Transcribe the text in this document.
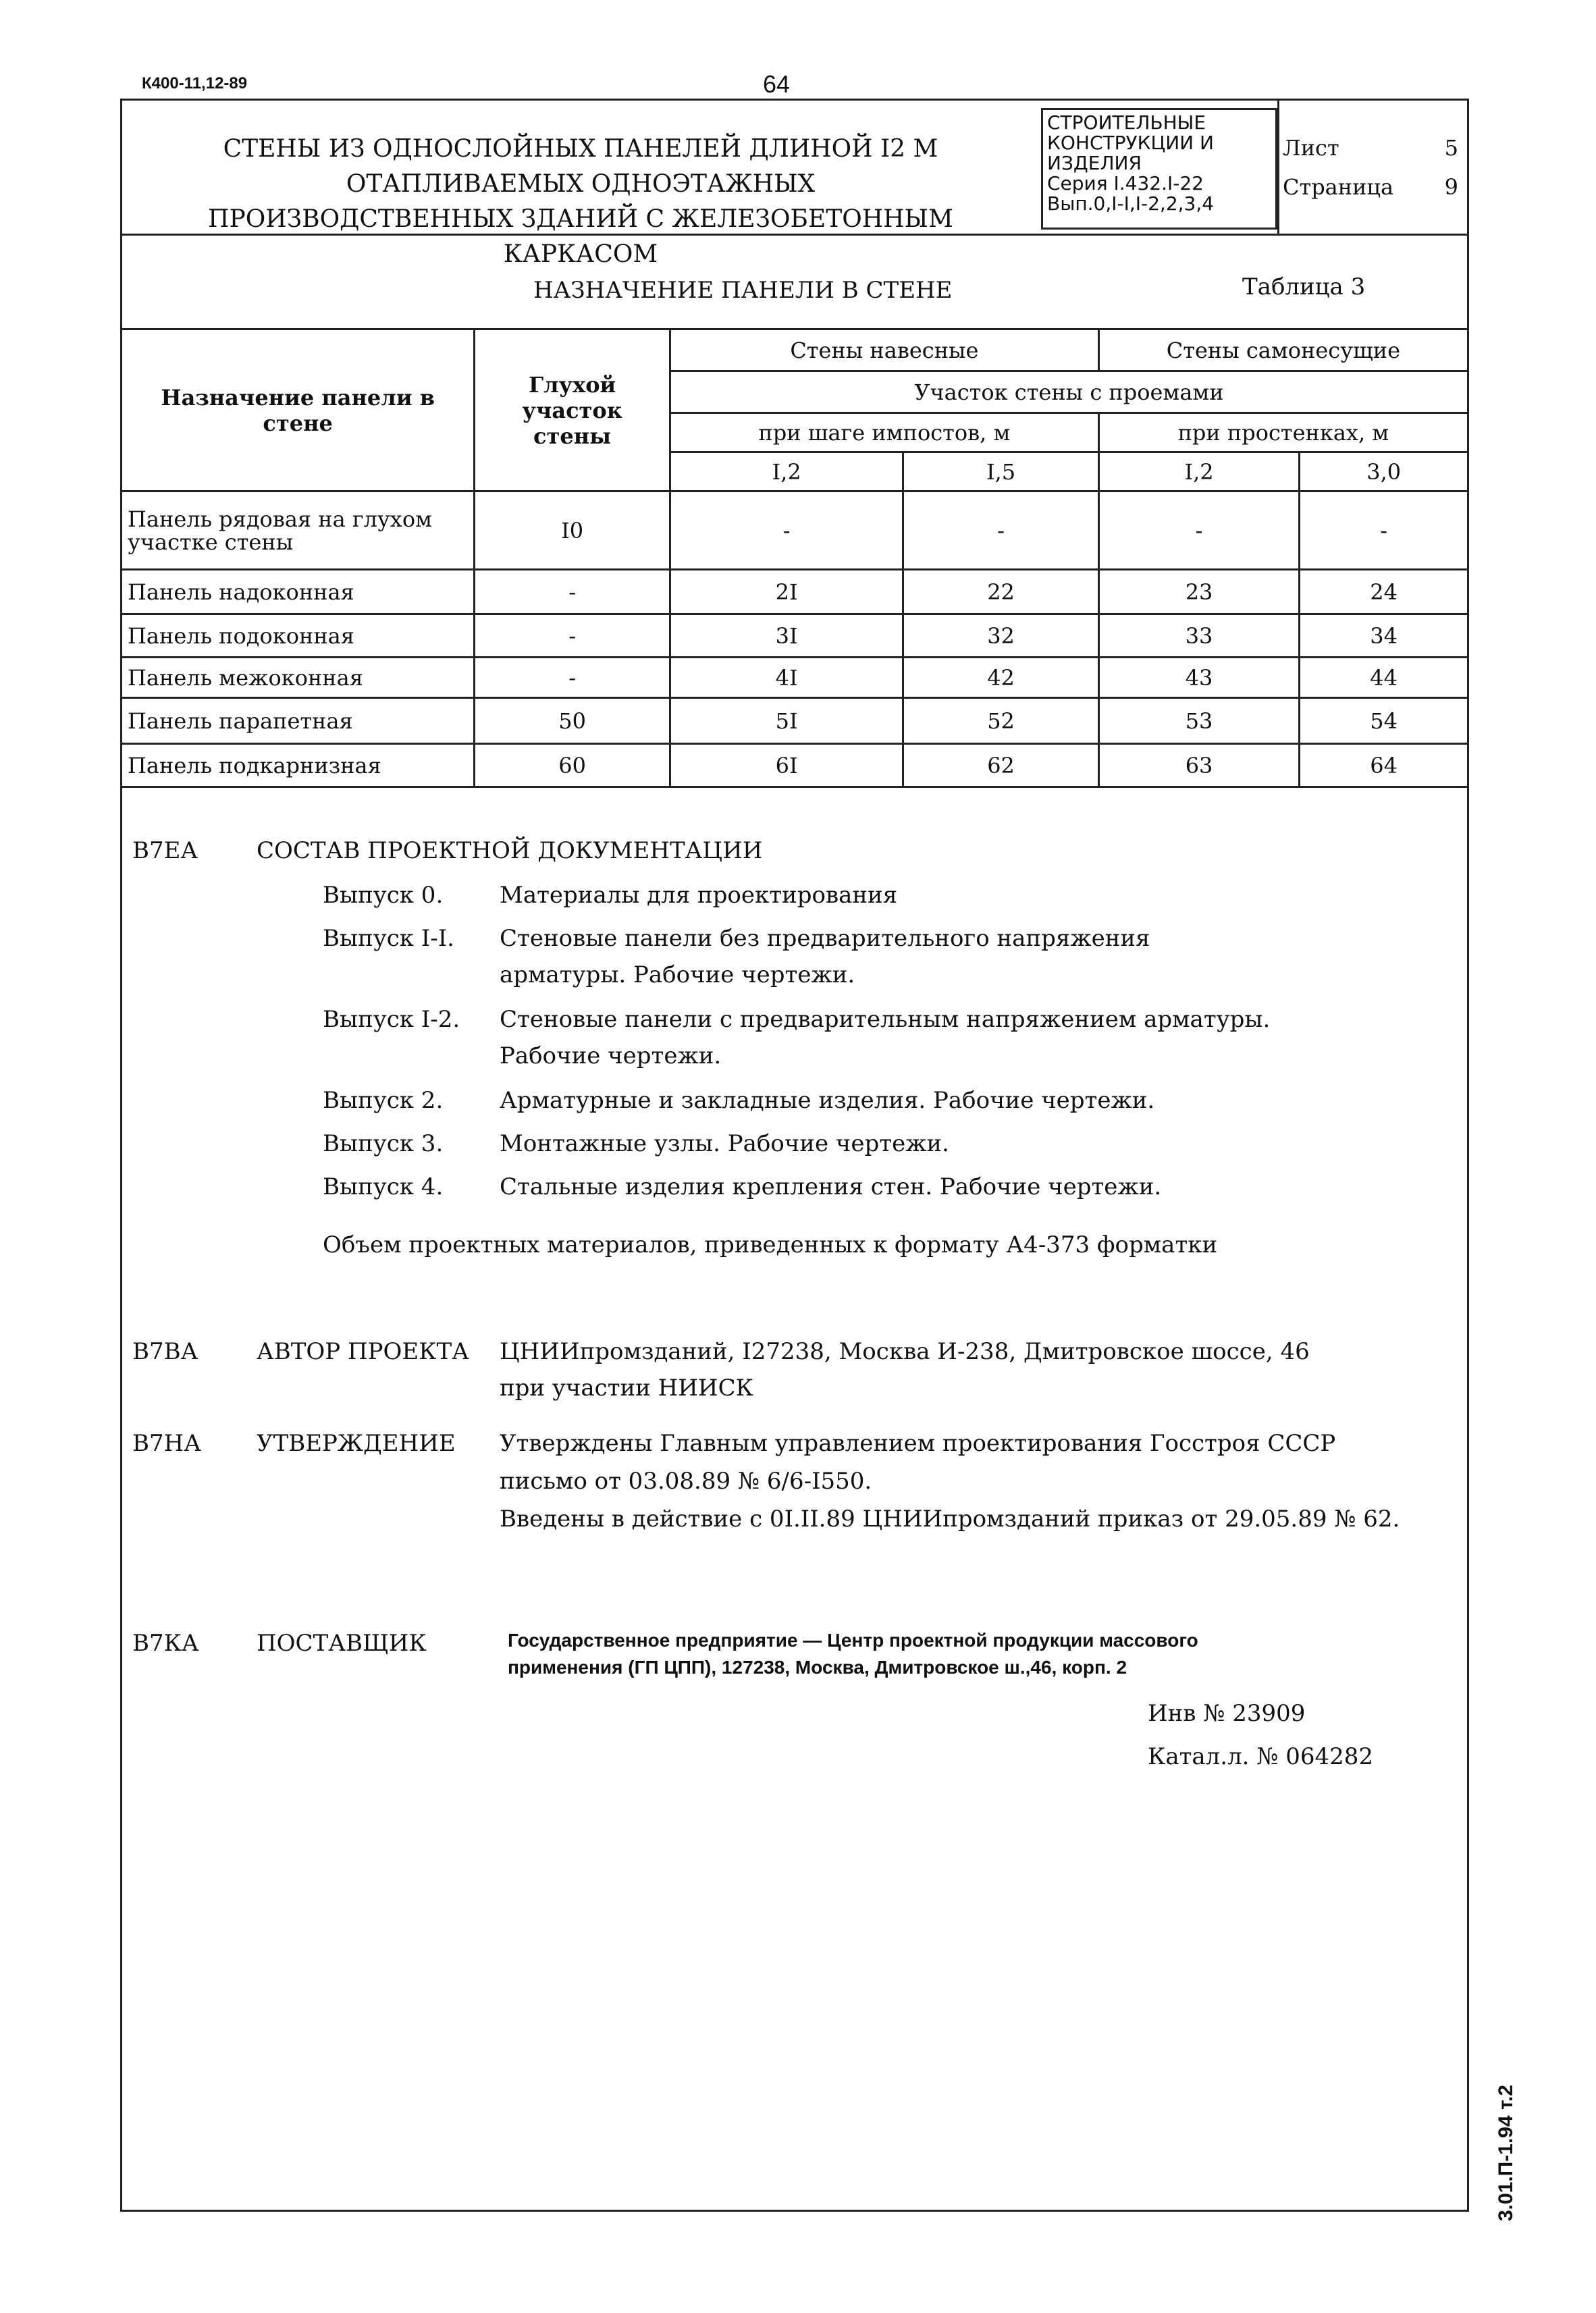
К400-11,12-89	64
СТЕНЫ ИЗ ОДНОСЛОЙНЫХ ПАНЕЛЕЙ ДЛИНОЙ I2 М ОТАПЛИВАЕМЫХ ОДНОЭТАЖНЫХ
ПРОИЗВОДСТВЕННЫХ ЗДАНИЙ С ЖЕЛЕЗОБЕТОННЫМ КАРКАСОМ
СТРОИТЕЛЬНЫЕ
КОНСТРУКЦИИ И
ИЗДЕЛИЯ
Серия I.432.I-22
Вып.0,I-I,I-2,2,3,4
Лист	5
Страница 9
НАЗНАЧЕНИЕ ПАНЕЛИ В СТЕНЕ	Таблица 3
Назначение панели в стене	Глухой участок стены	Стены навесные		Стены самонесущие	
		Участок стены с проемами			
		при шаге импостов, м		при простенках, м	
		I,2	I,5	I,2	3,0
Панель рядовая на глухом участке стены	I0	-	-	-	-
Панель надоконная	-	2I	22	23	24
Панель подоконная	-	3I	32	33	34
Панель межоконная	-	4I	42	43	44
Панель парапетная	50	5I	52	53	54
Панель подкарнизная	60	6I	62	63	64
В7ЕА	СОСТАВ ПРОЕКТНОЙ ДОКУМЕНТАЦИИ
Выпуск 0. Материалы для проектирования
Выпуск I-I. Стеновые панели без предварительного напряжения
арматуры. Рабочие чертежи.
Выпуск I-2. Стеновые панели с предварительным напряжением арматуры.
Рабочие чертежи.
Выпуск 2. Арматурные и закладные изделия. Рабочие чертежи.
Выпуск 3. Монтажные узлы. Рабочие чертежи.
Выпуск 4. Стальные изделия крепления стен. Рабочие чертежи.
Объем проектных материалов, приведенных к формату А4-373 форматки
В7ВА	АВТОР ПРОЕКТА ЦНИИпромзданий, I27238, Москва И-238, Дмитровское шоссе, 46
при участии НИИСК
В7НА УТВЕРЖДЕНИЕ Утверждены Главным управлением проектирования Госстроя СССР
письмо от 03.08.89 № 6/6-I550.
Введены в действие с 0I.II.89 ЦНИИпромзданий приказ от 29.05.89 № 62.
В7КА	ПОСТАВЩИК	Государственное предприятие — Центр проектной продукции массового
применения (ГП ЦПП), 127238, Москва, Дмитровское ш.,46, корп. 2
Инв № 23909
Катал.л. № 064282
3.01.П-1.94 т.2
